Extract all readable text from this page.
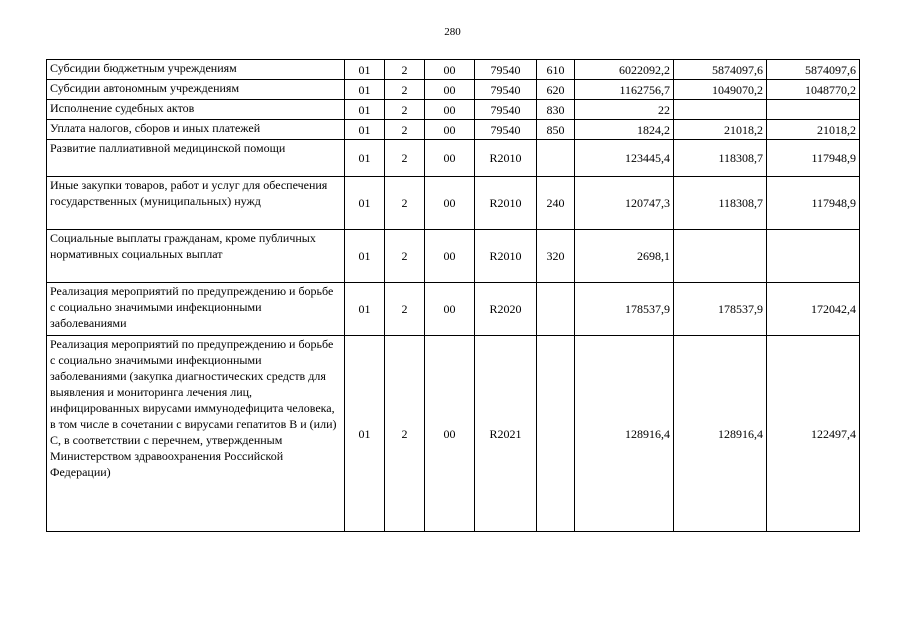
280
Субсидии бюджетным учреждениям	01	2	00	79540	610	6022092,2	5874097,6	5874097,6
Субсидии автономным учреждениям	01	2	00	79540	620	1162756,7	1049070,2	1048770,2
Исполнение судебных актов	01	2	00	79540	830	22		
Уплата налогов, сборов и иных платежей	01	2	00	79540	850	1824,2	21018,2	21018,2
Развитие паллиативной медицинской помощи	01	2	00	R2010		123445,4	118308,7	117948,9
Иные закупки товаров, работ и услуг для обеспечения государственных (муниципальных) нужд	01	2	00	R2010	240	120747,3	118308,7	117948,9
Социальные выплаты гражданам, кроме публичных нормативных социальных выплат	01	2	00	R2010	320	2698,1		
Реализация мероприятий по предупреждению и борьбе с социально значимыми инфекционными заболеваниями	01	2	00	R2020		178537,9	178537,9	172042,4
Реализация мероприятий по предупреждению и борьбе с социально значимыми инфекционными заболеваниями (закупка диагностических средств для выявления и мониторинга лечения лиц, инфицированных вирусами иммунодефицита человека, в том числе в сочетании с вирусами гепатитов В и (или) С, в соответствии с перечнем, утвержденным Министерством здравоохранения Российской Федерации)	01	2	00	R2021		128916,4	128916,4	122497,4
